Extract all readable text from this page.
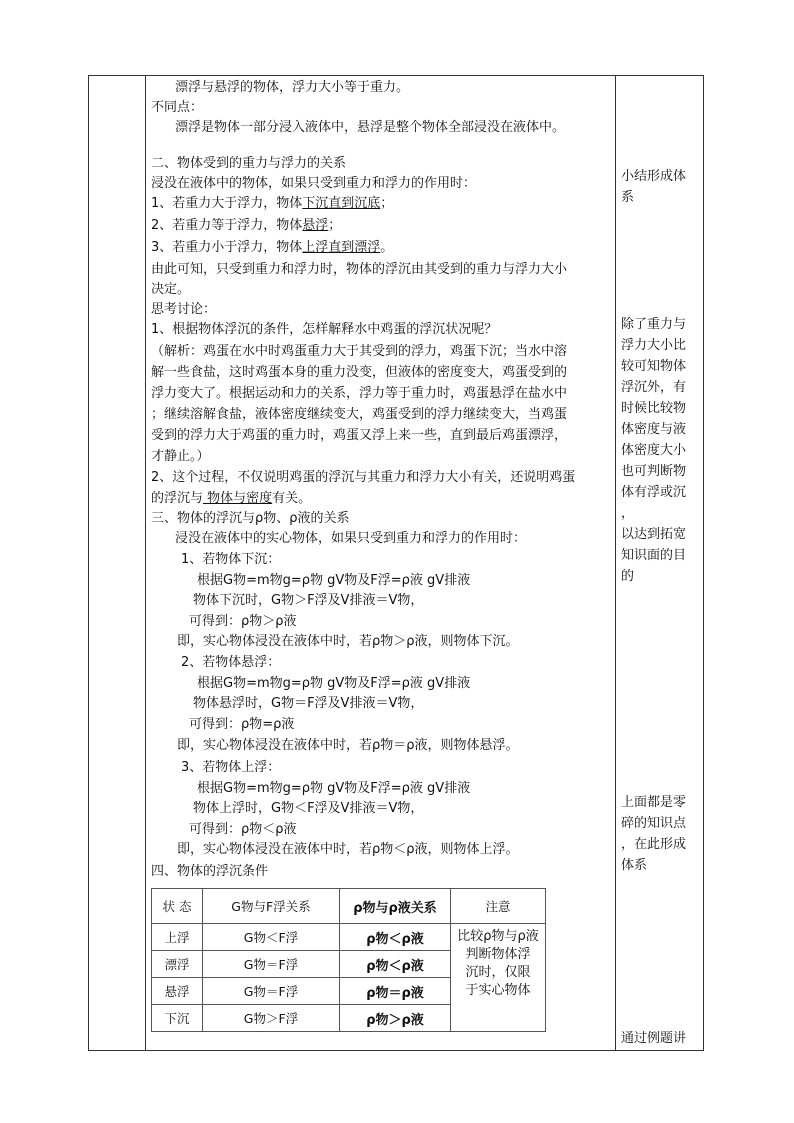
漂浮与悬浮的物体，浮力大小等于重力。
不同点：
漂浮是物体一部分浸入液体中，悬浮是整个物体全部浸没在液体中。
二、物体受到的重力与浮力的关系
浸没在液体中的物体，如果只受到重力和浮力的作用时：
1、若重力大于浮力，物体下沉直到沉底；
2、若重力等于浮力，物体悬浮；
3、若重力小于浮力，物体上浮直到漂浮。
由此可知，只受到重力和浮力时，物体的浮沉由其受到的重力与浮力大小
决定。
思考讨论：
1、根据物体浮沉的条件，怎样解释水中鸡蛋的浮沉状况呢？
（解析：鸡蛋在水中时鸡蛋重力大于其受到的浮力，鸡蛋下沉；当水中溶
解一些食盐，这时鸡蛋本身的重力没变，但液体的密度变大，鸡蛋受到的
浮力变大了。根据运动和力的关系，浮力等于重力时，鸡蛋悬浮在盐水中
；继续溶解食盐，液体密度继续变大，鸡蛋受到的浮力继续变大，当鸡蛋
受到的浮力大于鸡蛋的重力时，鸡蛋又浮上来一些，直到最后鸡蛋漂浮，
才静止。）
2、这个过程，不仅说明鸡蛋的浮沉与其重力和浮力大小有关，还说明鸡蛋
的浮沉与 物体与密度有关。
三、物体的浮沉与ρ物、ρ液的关系
浸没在液体中的实心物体，如果只受到重力和浮力的作用时：
1、若物体下沉：
根据G物=m物g=ρ物 gV物及F浮=ρ液 gV排液
物体下沉时，G物＞F浮及V排液＝V物，
可得到：ρ物＞ρ液
即，实心物体浸没在液体中时，若ρ物＞ρ液，则物体下沉。
2、若物体悬浮：
根据G物=m物g=ρ物 gV物及F浮=ρ液 gV排液
物体悬浮时，G物＝F浮及V排液＝V物，
可得到：ρ物=ρ液
即，实心物体浸没在液体中时，若ρ物＝ρ液，则物体悬浮。
3、若物体上浮：
根据G物=m物g=ρ物 gV物及F浮=ρ液 gV排液
物体上浮时，G物＜F浮及V排液＝V物，
可得到：ρ物＜ρ液
即，实心物体浸没在液体中时，若ρ物＜ρ液，则物体上浮。
四、物体的浮沉条件
状 态	G物与F浮关系	ρ物与ρ液关系	注意
上浮	G物＜F浮	ρ物＜ρ液	比较ρ物与ρ液
判断物体浮
沉时，仅限
于实心物体

漂浮	G物＝F浮	ρ物＜ρ液	
悬浮	G物＝F浮	ρ物＝ρ液	
下沉	G物＞F浮	ρ物＞ρ液	
小结形成体
系
除了重力与
浮力大小比
较可知物体
浮沉外，有
时候比较物
体密度与液
体密度大小
也可判断物
体有浮或沉
，
以达到拓宽
知识面的目
的
上面都是零
碎的知识点
，在此形成
体系
通过例题讲
